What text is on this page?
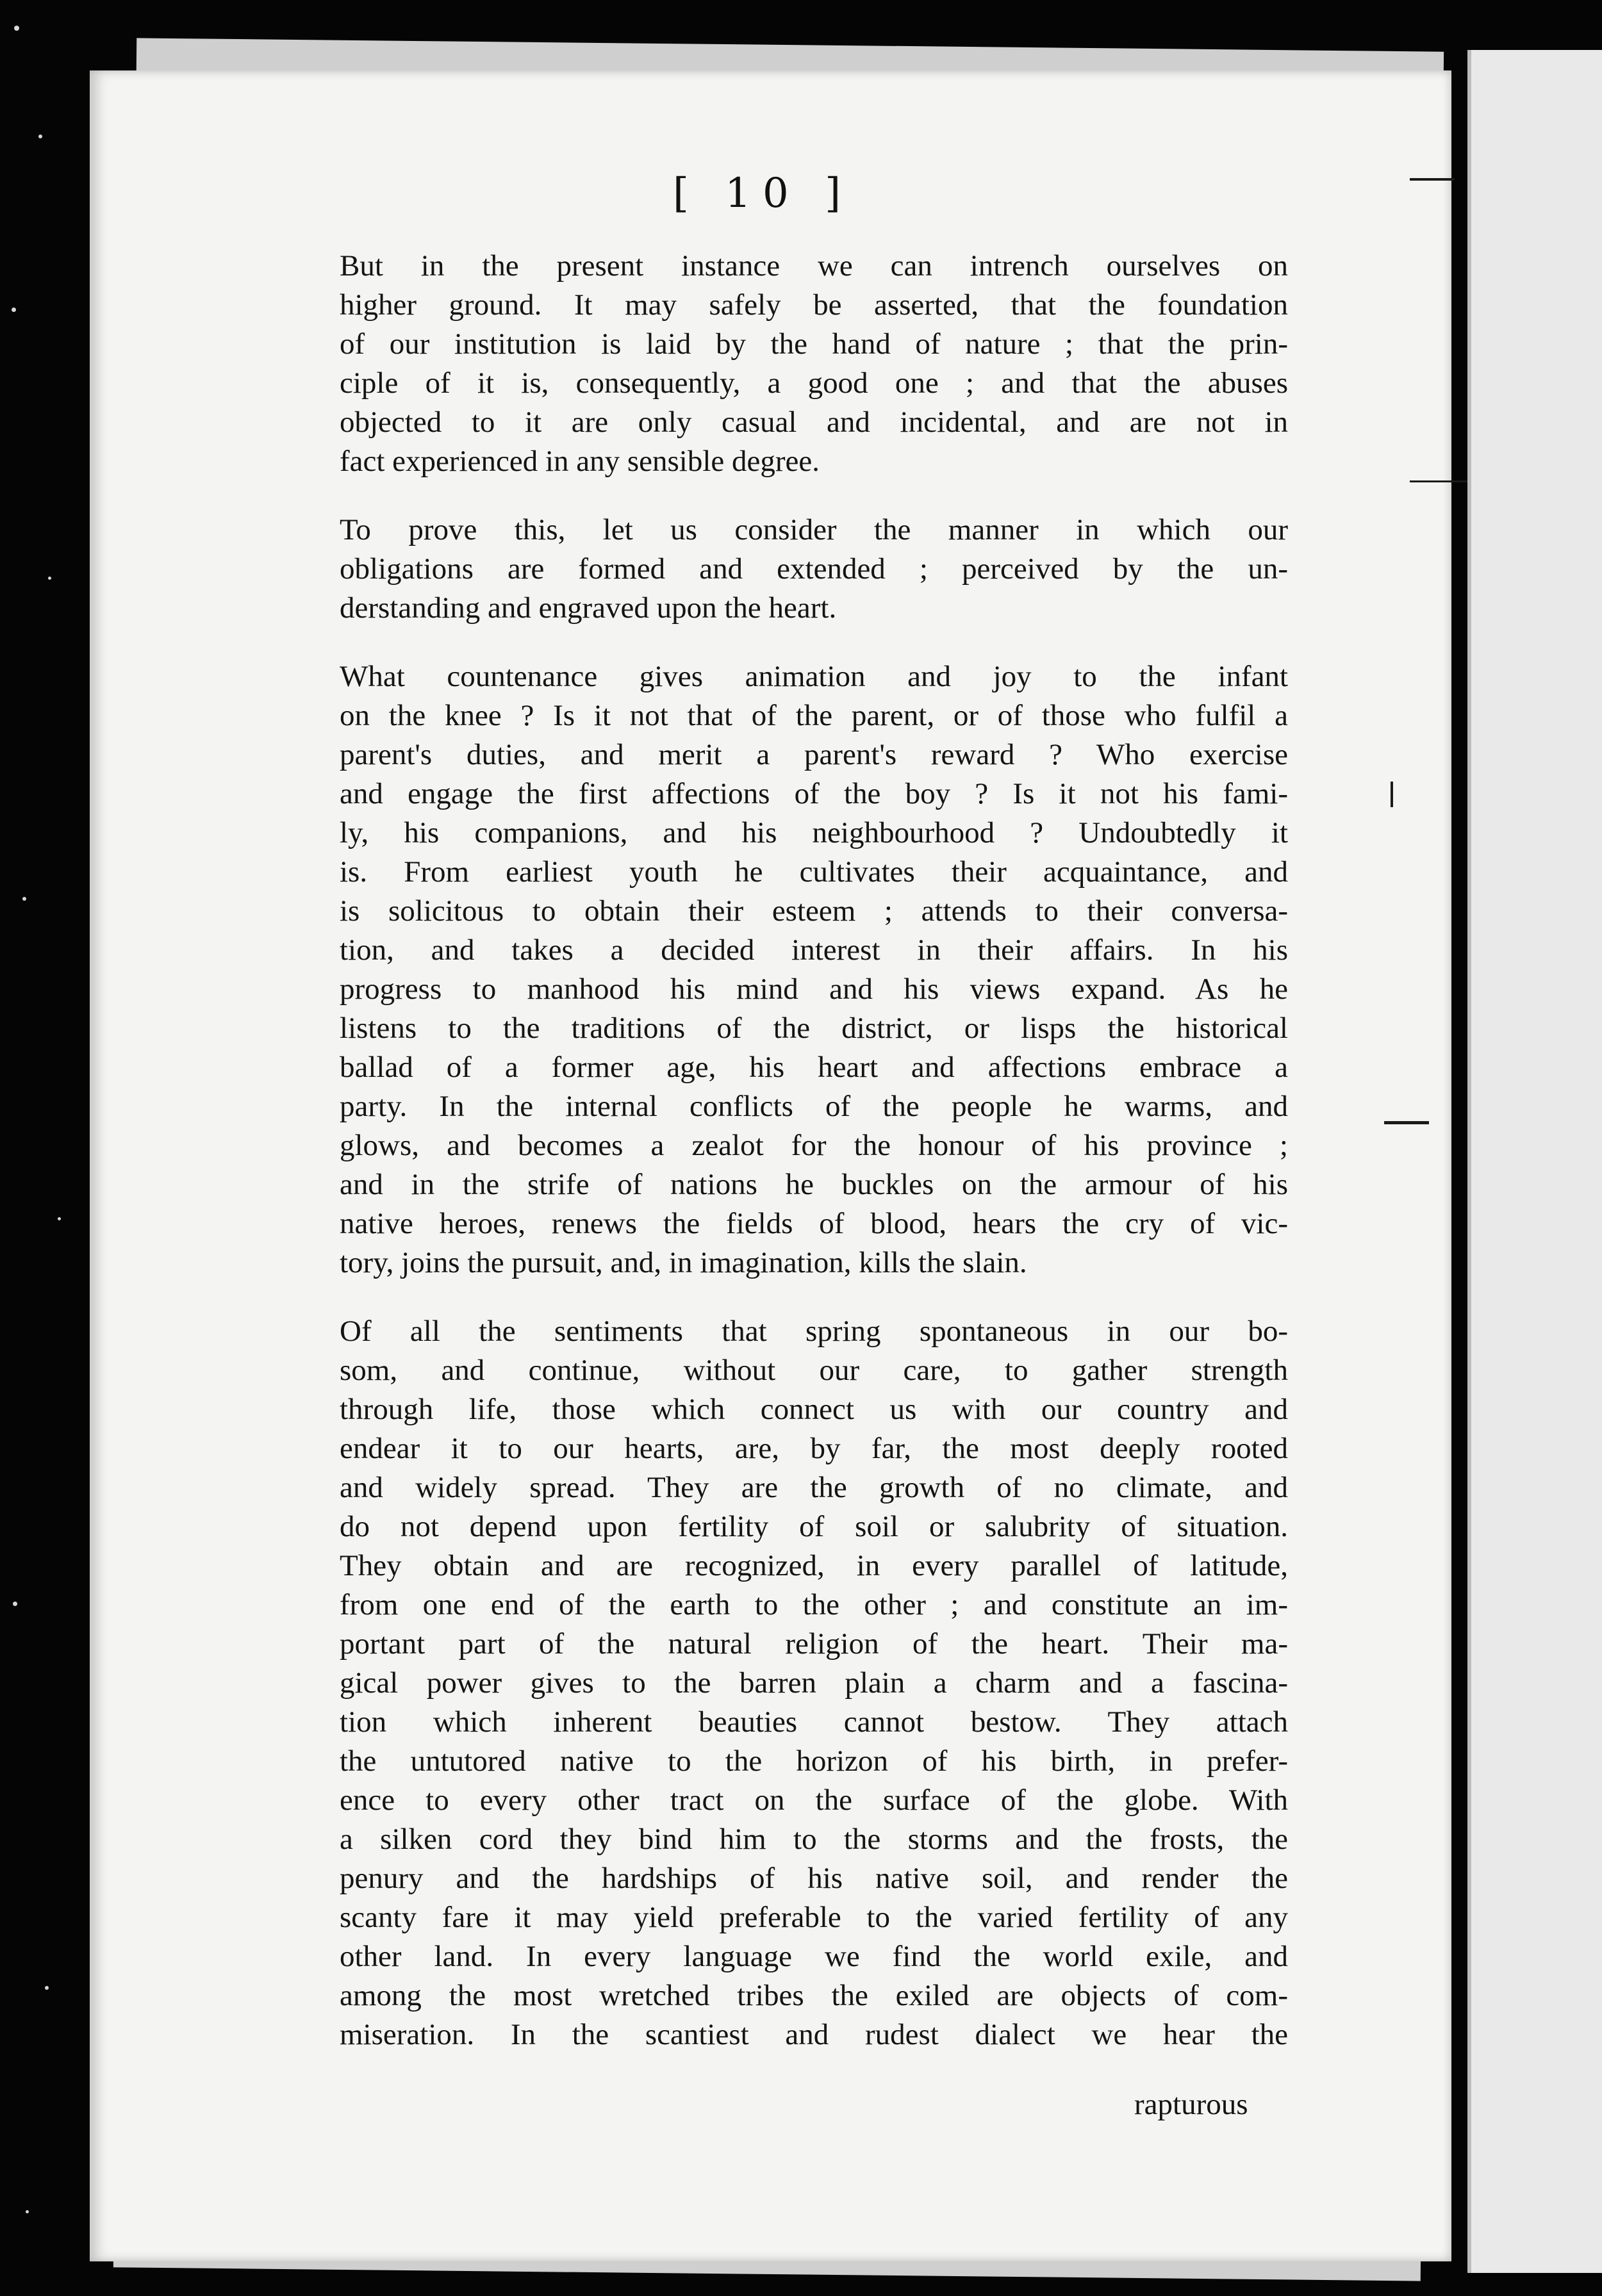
[ 10 ]
But in the present instance we can intrench ourselves on
higher ground. It may safely be asserted, that the foundation
of our institution is laid by the hand of nature ; that the prin-
ciple of it is, consequently, a good one ; and that the abuses
objected to it are only casual and incidental, and are not in
fact experienced in any sensible degree.
To prove this, let us consider the manner in which our
obligations are formed and extended ; perceived by the un-
derstanding and engraved upon the heart.
What countenance gives animation and joy to the infant
on the knee ? Is it not that of the parent, or of those who fulfil a
parent's duties, and merit a parent's reward ? Who exercise
and engage the first affections of the boy ? Is it not his fami-
ly, his companions, and his neighbourhood ? Undoubtedly it
is. From earliest youth he cultivates their acquaintance, and
is solicitous to obtain their esteem ; attends to their conversa-
tion, and takes a decided interest in their affairs. In his
progress to manhood his mind and his views expand. As he
listens to the traditions of the district, or lisps the historical
ballad of a former age, his heart and affections embrace a
party. In the internal conflicts of the people he warms, and
glows, and becomes a zealot for the honour of his province ;
and in the strife of nations he buckles on the armour of his
native heroes, renews the fields of blood, hears the cry of vic-
tory, joins the pursuit, and, in imagination, kills the slain.
Of all the sentiments that spring spontaneous in our bo-
som, and continue, without our care, to gather strength
through life, those which connect us with our country and
endear it to our hearts, are, by far, the most deeply rooted
and widely spread. They are the growth of no climate, and
do not depend upon fertility of soil or salubrity of situation.
They obtain and are recognized, in every parallel of latitude,
from one end of the earth to the other ; and constitute an im-
portant part of the natural religion of the heart. Their ma-
gical power gives to the barren plain a charm and a fascina-
tion which inherent beauties cannot bestow. They attach
the untutored native to the horizon of his birth, in prefer-
ence to every other tract on the surface of the globe. With
a silken cord they bind him to the storms and the frosts, the
penury and the hardships of his native soil, and render the
scanty fare it may yield preferable to the varied fertility of any
other land. In every language we find the world exile, and
among the most wretched tribes the exiled are objects of com-
miseration. In the scantiest and rudest dialect we hear the
rapturous
